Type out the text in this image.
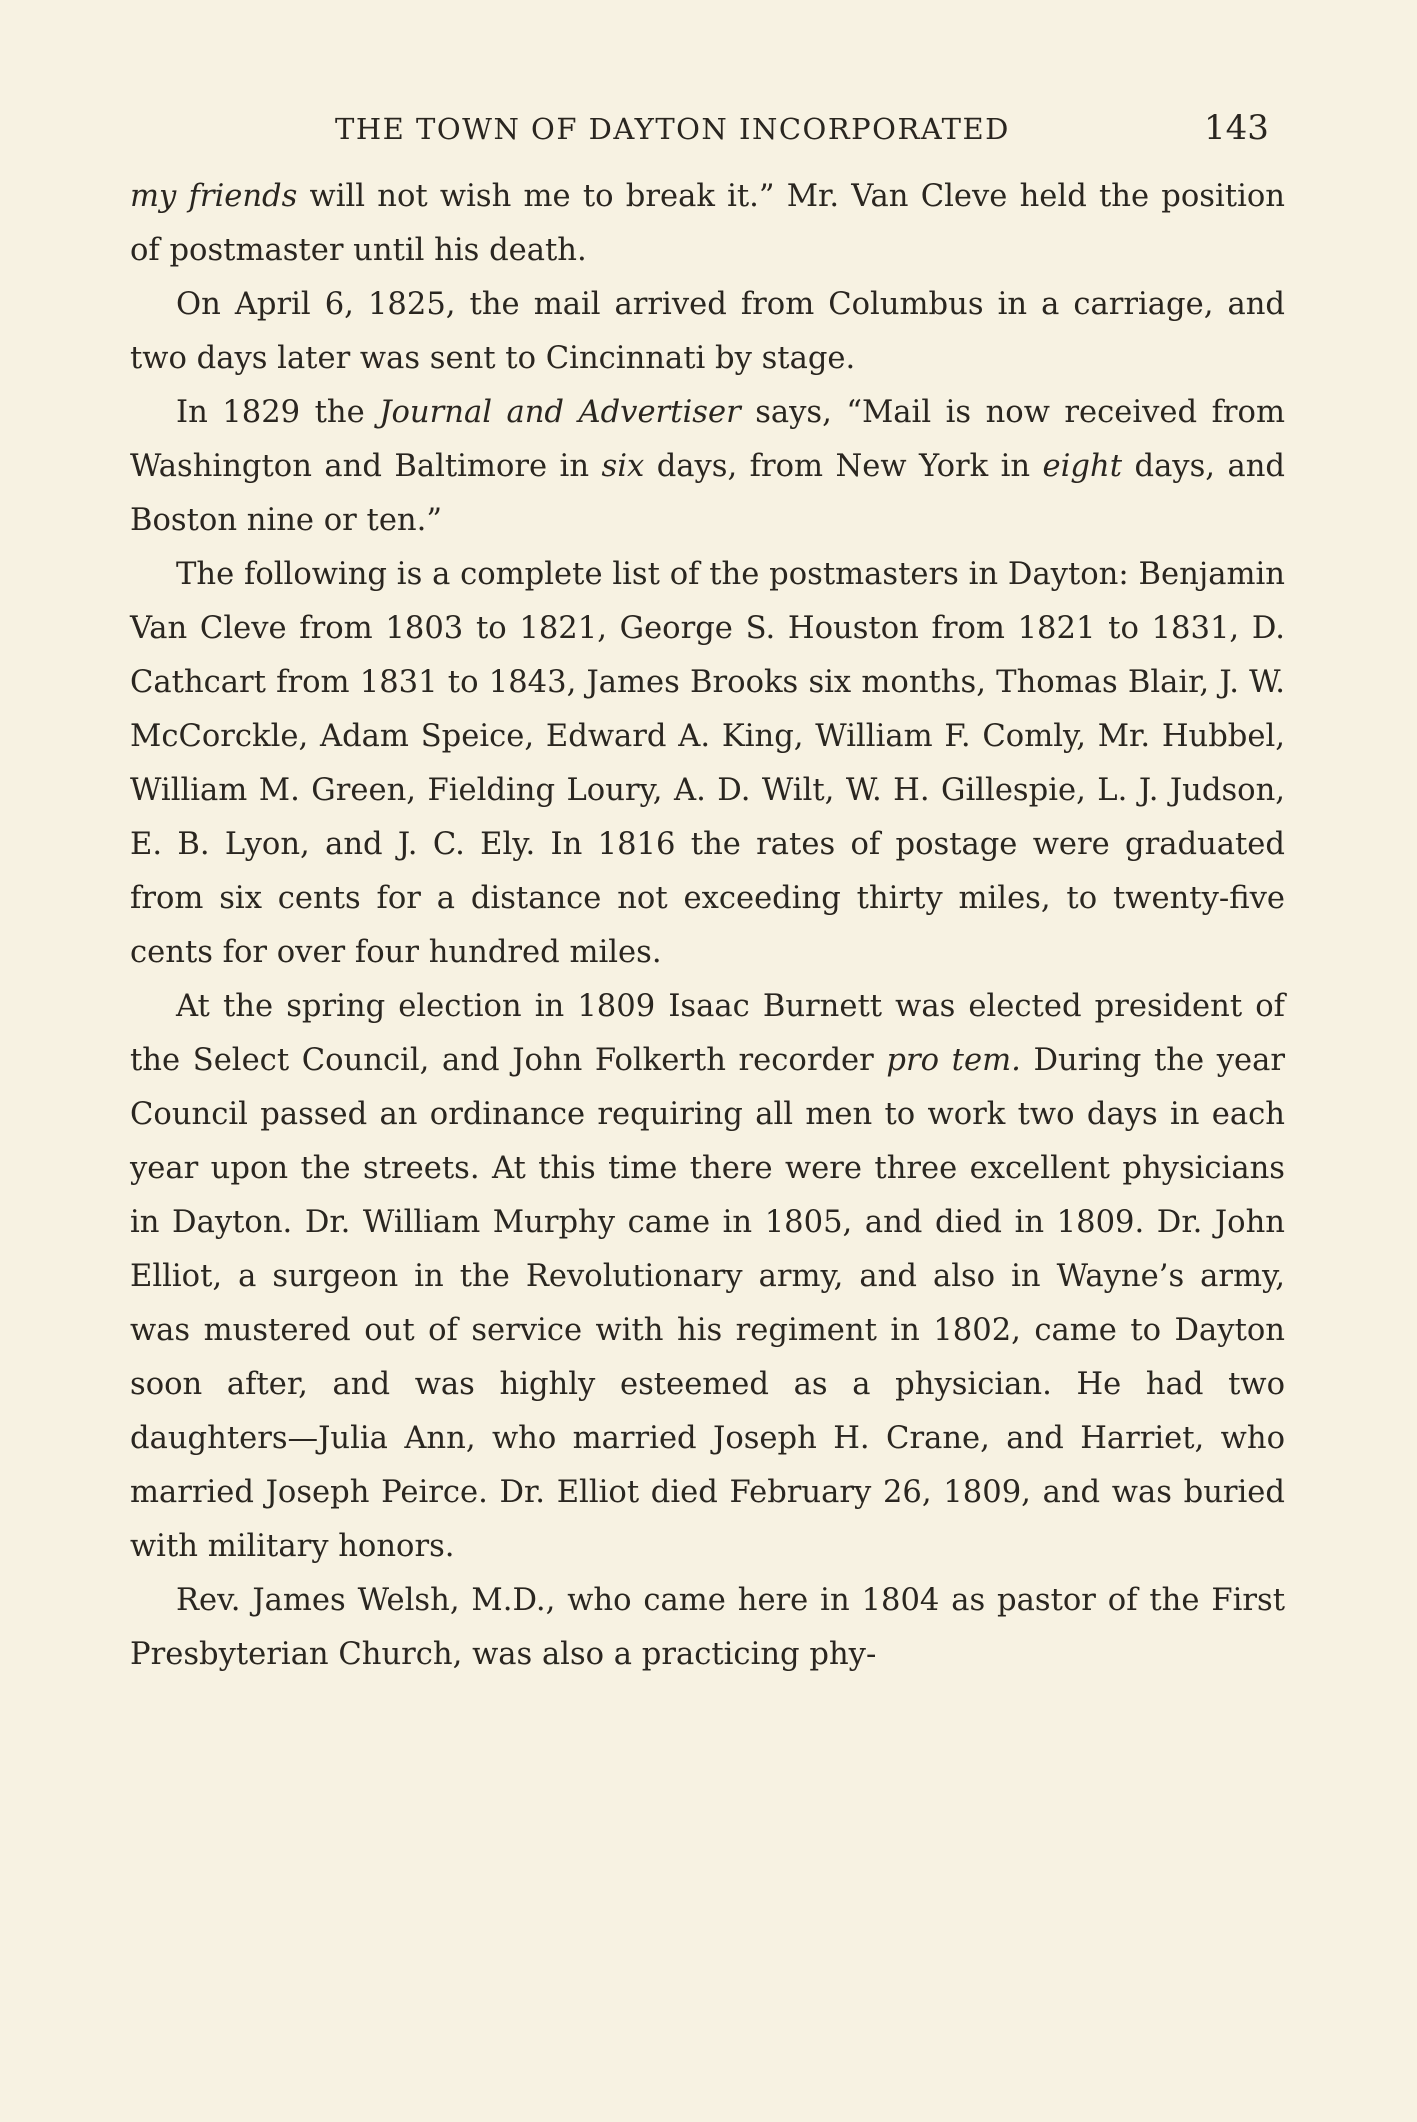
THE TOWN OF DAYTON INCORPORATED	143

my friends will not wish me to break it.” Mr. Van Cleve held the position of postmaster until his death.

On April 6, 1825, the mail arrived from Columbus in a carriage, and two days later was sent to Cincinnati by stage.

In 1829 the Journal and Advertiser says, “Mail is now received from Washington and Baltimore in six days, from New York in eight days, and Boston nine or ten.”

The following is a complete list of the postmasters in Dayton: Benjamin Van Cleve from 1803 to 1821, George S. Houston from 1821 to 1831, D. Cathcart from 1831 to 1843, James Brooks six months, Thomas Blair, J. W. McCorckle, Adam Speice, Edward A. King, William F. Comly, Mr. Hubbel, William M. Green, Fielding Loury, A. D. Wilt, W. H. Gillespie, L. J. Judson, E. B. Lyon, and J. C. Ely. In 1816 the rates of postage were graduated from six cents for a distance not exceeding thirty miles, to twenty-five cents for over four hundred miles.

At the spring election in 1809 Isaac Burnett was elected president of the Select Council, and John Folkerth recorder pro tem. During the year Council passed an ordinance requiring all men to work two days in each year upon the streets. At this time there were three excellent physicians in Dayton. Dr. William Murphy came in 1805, and died in 1809. Dr. John Elliot, a surgeon in the Revolutionary army, and also in Wayne’s army, was mustered out of service with his regiment in 1802, came to Dayton soon after, and was highly esteemed as a physician. He had two daughters—Julia Ann, who married Joseph H. Crane, and Harriet, who married Joseph Peirce. Dr. Elliot died February 26, 1809, and was buried with military honors.

Rev. James Welsh, M.D., who came here in 1804 as pastor of the First Presbyterian Church, was also a practicing phy-
